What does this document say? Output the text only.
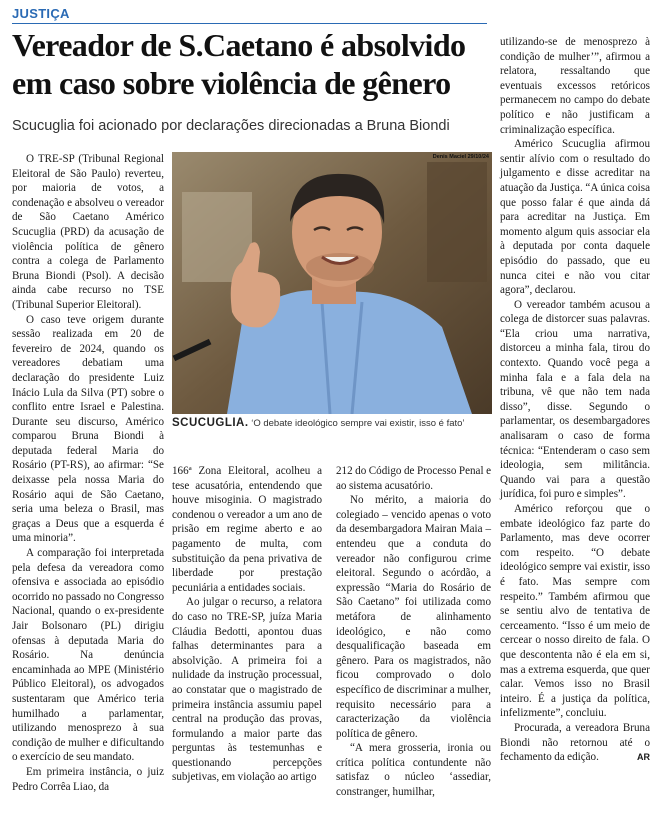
JUSTIÇA
Vereador de S.Caetano é absolvido em caso sobre violência de gênero

Scucuglia foi acionado por declarações direcionadas a Bruna Biondi

O TRE-SP (Tribunal Regional Eleitoral de São Paulo) reverteu, por maioria de votos, a condenação e absolveu o vereador de São Caetano Américo Scucuglia (PRD) da acusação de violência política de gênero contra a colega de Parlamento Bruna Biondi (Psol). A decisão ainda cabe recurso no TSE (Tribunal Superior Eleitoral).

O caso teve origem durante sessão realizada em 20 de fevereiro de 2024, quando os vereadores debatiam uma declaração do presidente Luiz Inácio Lula da Silva (PT) sobre o conflito entre Israel e Palestina. Durante seu discurso, Américo comparou Bruna Biondi à deputada federal Maria do Rosário (PT-RS), ao afirmar: “Se deixasse pela nossa Maria do Rosário aqui de São Caetano, seria uma beleza o Brasil, mas graças a Deus que a esquerda é uma minoria”.

A comparação foi interpretada pela defesa da vereadora como ofensiva e associada ao episódio ocorrido no passado no Congresso Nacional, quando o ex-presidente Jair Bolsonaro (PL) dirigiu ofensas à deputada Maria do Rosário. Na denúncia encaminhada ao MPE (Ministério Público Eleitoral), os advogados sustentaram que Américo teria humilhado a parlamentar, utilizando menosprezo à sua condição de mulher e dificultando o exercício de seu mandato.

Em primeira instância, o juiz Pedro Corrêa Liao, da

Denis Maciel 29/10/24
SCUCUGLIA. ‘O debate ideológico sempre vai existir, isso é fato’

166ª Zona Eleitoral, acolheu a tese acusatória, entendendo que houve misoginia. O magistrado condenou o vereador a um ano de prisão em regime aberto e ao pagamento de multa, com substituição da pena privativa de liberdade por prestação pecuniária a entidades sociais.

Ao julgar o recurso, a relatora do caso no TRE-SP, juíza Maria Cláudia Bedotti, apontou duas falhas determinantes para a absolvição. A primeira foi a nulidade da instrução processual, ao constatar que o magistrado de primeira instância assumiu papel central na produção das provas, formulando a maior parte das perguntas às testemunhas e questionando percepções subjetivas, em violação ao artigo

212 do Código de Processo Penal e ao sistema acusatório.

No mérito, a maioria do colegiado – vencido apenas o voto da desembargadora Mairan Maia – entendeu que a conduta do vereador não configurou crime eleitoral. Segundo o acórdão, a expressão “Maria do Rosário de São Caetano” foi utilizada como metáfora de alinhamento ideológico, e não como desqualificação baseada em gênero. Para os magistrados, não ficou comprovado o dolo específico de discriminar a mulher, requisito necessário para a caracterização da violência política de gênero.

“A mera grosseria, ironia ou crítica política contundente não satisfaz o núcleo ‘assediar, constranger, humilhar,

utilizando-se de menosprezo à condição de mulher’”, afirmou a relatora, ressaltando que eventuais excessos retóricos permanecem no campo do debate político e não justificam a criminalização específica.

Américo Scucuglia afirmou sentir alívio com o resultado do julgamento e disse acreditar na atuação da Justiça. “A única coisa que posso falar é que ainda dá para acreditar na Justiça. Em momento algum quis associar ela à deputada por conta daquele episódio do passado, que eu nunca citei e não vou citar agora”, declarou.

O vereador também acusou a colega de distorcer suas palavras. “Ela criou uma narrativa, distorceu a minha fala, tirou do contexto. Quando você pega a minha fala e a fala dela na tribuna, vê que não tem nada disso”, disse. Segundo o parlamentar, os desembargadores analisaram o caso de forma técnica: “Entenderam o caso sem ideologia, sem militância. Quando vai para a questão jurídica, foi puro e simples”.

Américo reforçou que o embate ideológico faz parte do Parlamento, mas deve ocorrer com respeito. “O debate ideológico sempre vai existir, isso é fato. Mas sempre com respeito.” Também afirmou que se sentiu alvo de tentativa de cerceamento. “Isso é um meio de cercear o nosso direito de fala. O que descontenta não é ela em si, mas a extrema esquerda, que quer calar. Vemos isso no Brasil inteiro. É a justiça da política, infelizmente”, concluiu.

Procurada, a vereadora Bruna Biondi não retornou até o fechamento da edição.	AR
